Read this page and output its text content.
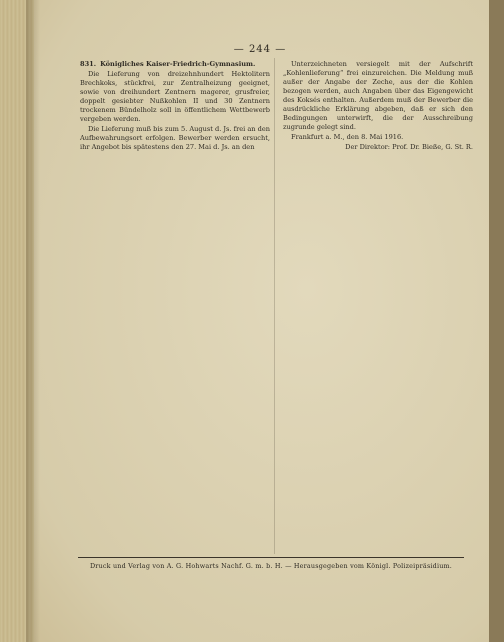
— 244 —

831. Königliches Kaiser-Friedrich-Gymnasium.

Die Lieferung von dreizehnhundert Hektolitern Brechkoks, stückfrei, zur Zentralheizung geeignet, sowie von dreihundert Zentnern magerer, grusfreier, doppelt gesiebter Nußkohlen II und 30 Zentnern trockenem Bündelholz soll in öffentlichem Wettbewerb vergeben werden.

Die Lieferung muß bis zum 5. August d. Js. frei an den Aufbewahrungsort erfolgen. Bewerber werden ersucht, ihr Angebot bis spätestens den 27. Mai d. Js. an den

Unterzeichneten versiegelt mit der Aufschrift „Kohlenlieferung“ frei einzureichen. Die Meldung muß außer der Angabe der Zeche, aus der die Kohlen bezogen werden, auch Angaben über das Eigengewicht des Koksés enthalten. Außerdem muß der Bewerber die ausdrückliche Erklärung abgeben, daß er sich den Bedingungen unterwirft, die der Ausschreibung zugrunde gelegt sind.

Frankfurt a. M., den 8. Mai 1916.

Der Direktor: Prof. Dr. Bieße, G. St. R.

Druck und Verlag von A. G. Hohwarts Nachf. G. m. b. H. — Herausgegeben vom Königl. Polizeipräsidium.
